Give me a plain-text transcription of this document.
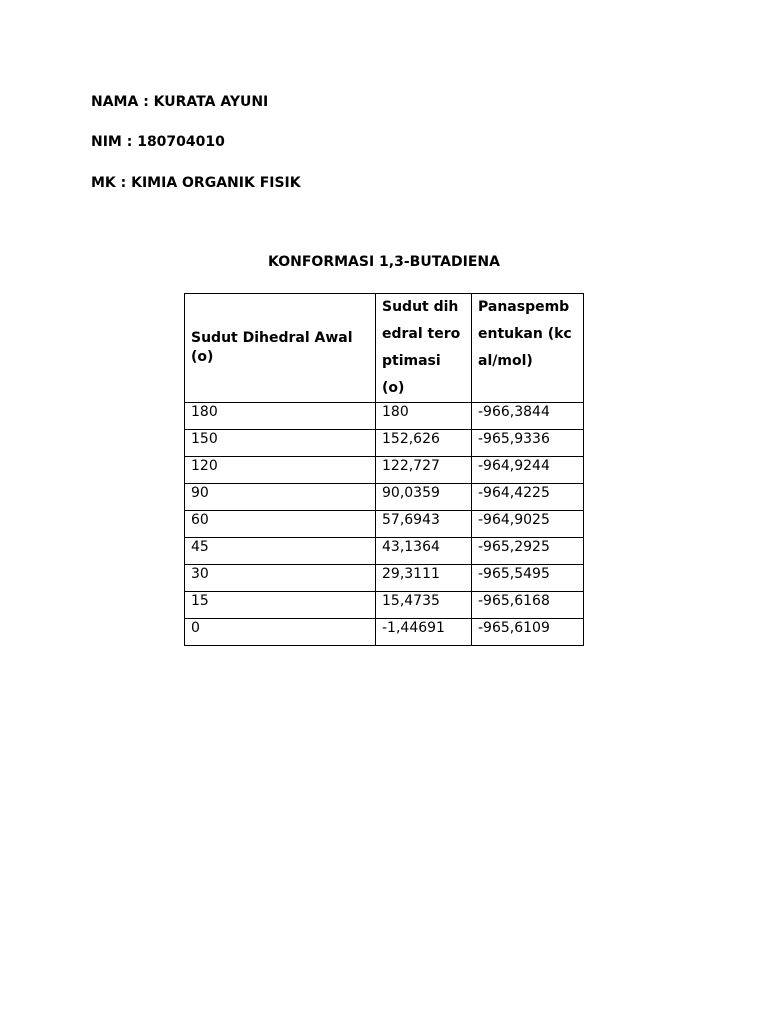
NAMA : KURATA AYUNI
NIM : 180704010
MK : KIMIA ORGANIK FISIK
KONFORMASI 1,3-BUTADIENA
Sudut Dihedral Awal (o)	Sudut dihedral teroptimasi (o)	Panaspembentukan (kcal/mol)
180	180	-966,3844
150	152,626	-965,9336
120	122,727	-964,9244
90	90,0359	-964,4225
60	57,6943	-964,9025
45	43,1364	-965,2925
30	29,3111	-965,5495
15	15,4735	-965,6168
0	-1,44691	-965,6109
